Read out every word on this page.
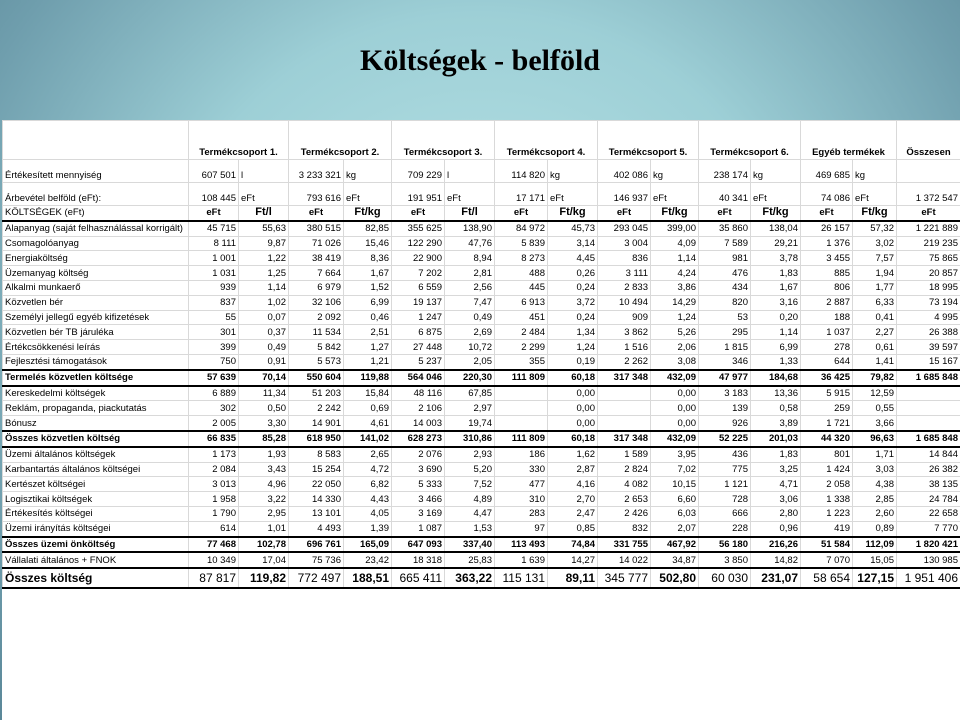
Költségek - belföld
	Termékcsoport 1.		Termékcsoport 2.		Termékcsoport 3.		Termékcsoport 4.		Termékcsoport 5.		Termékcsoport 6.		Egyéb termékek		Összesen
Értékesített mennyiség	607 501	l	3 233 321	kg	709 229	l	114 820	kg	402 086	kg	238 174	kg	469 685	kg	
Árbevétel belföld (eFt):	108 445	eFt	793 616	eFt	191 951	eFt	17 171	eFt	146 937	eFt	40 341	eFt	74 086	eFt	1 372 547
KÖLTSÉGEK (eFt)	eFt	Ft/l	eFt	Ft/kg	eFt	Ft/l	eFt	Ft/kg	eFt	Ft/kg	eFt	Ft/kg	eFt	Ft/kg	eFt
Alapanyag (saját felhasználással korrigált)	45 715	55,63	380 515	82,85	355 625	138,90	84 972	45,73	293 045	399,00	35 860	138,04	26 157	57,32	1 221 889
Csomagolóanyag	8 111	9,87	71 026	15,46	122 290	47,76	5 839	3,14	3 004	4,09	7 589	29,21	1 376	3,02	219 235
Energiaköltség	1 001	1,22	38 419	8,36	22 900	8,94	8 273	4,45	836	1,14	981	3,78	3 455	7,57	75 865
Üzemanyag költség	1 031	1,25	7 664	1,67	7 202	2,81	488	0,26	3 111	4,24	476	1,83	885	1,94	20 857
Alkalmi munkaerő	939	1,14	6 979	1,52	6 559	2,56	445	0,24	2 833	3,86	434	1,67	806	1,77	18 995
Közvetlen bér	837	1,02	32 106	6,99	19 137	7,47	6 913	3,72	10 494	14,29	820	3,16	2 887	6,33	73 194
Személyi jellegű egyéb kifizetések	55	0,07	2 092	0,46	1 247	0,49	451	0,24	909	1,24	53	0,20	188	0,41	4 995
Közvetlen bér TB járuléka	301	0,37	11 534	2,51	6 875	2,69	2 484	1,34	3 862	5,26	295	1,14	1 037	2,27	26 388
Értékcsökkenési leírás	399	0,49	5 842	1,27	27 448	10,72	2 299	1,24	1 516	2,06	1 815	6,99	278	0,61	39 597
Fejlesztési támogatások	750	0,91	5 573	1,21	5 237	2,05	355	0,19	2 262	3,08	346	1,33	644	1,41	15 167
Termelés közvetlen költsége	57 639	70,14	550 604	119,88	564 046	220,30	111 809	60,18	317 348	432,09	47 977	184,68	36 425	79,82	1 685 848
Kereskedelmi költségek	6 889	11,34	51 203	15,84	48 116	67,85		0,00		0,00	3 183	13,36	5 915	12,59	
Reklám, propaganda, piackutatás	302	0,50	2 242	0,69	2 106	2,97		0,00		0,00	139	0,58	259	0,55	
Bónusz	2 005	3,30	14 901	4,61	14 003	19,74		0,00		0,00	926	3,89	1 721	3,66	
Összes közvetlen költség	66 835	85,28	618 950	141,02	628 273	310,86	111 809	60,18	317 348	432,09	52 225	201,03	44 320	96,63	1 685 848
Üzemi általános költségek	1 173	1,93	8 583	2,65	2 076	2,93	186	1,62	1 589	3,95	436	1,83	801	1,71	14 844
Karbantartás általános költségei	2 084	3,43	15 254	4,72	3 690	5,20	330	2,87	2 824	7,02	775	3,25	1 424	3,03	26 382
Kertészet költségei	3 013	4,96	22 050	6,82	5 333	7,52	477	4,16	4 082	10,15	1 121	4,71	2 058	4,38	38 135
Logisztikai költségek	1 958	3,22	14 330	4,43	3 466	4,89	310	2,70	2 653	6,60	728	3,06	1 338	2,85	24 784
Értékesítés költségei	1 790	2,95	13 101	4,05	3 169	4,47	283	2,47	2 426	6,03	666	2,80	1 223	2,60	22 658
Üzemi irányítás költségei	614	1,01	4 493	1,39	1 087	1,53	97	0,85	832	2,07	228	0,96	419	0,89	7 770
Összes üzemi önköltség	77 468	102,78	696 761	165,09	647 093	337,40	113 493	74,84	331 755	467,92	56 180	216,26	51 584	112,09	1 820 421
Vállalati általános + FNOK	10 349	17,04	75 736	23,42	18 318	25,83	1 639	14,27	14 022	34,87	3 850	14,82	7 070	15,05	130 985
Összes költség	87 817	119,82	772 497	188,51	665 411	363,22	115 131	89,11	345 777	502,80	60 030	231,07	58 654	127,15	1 951 406
